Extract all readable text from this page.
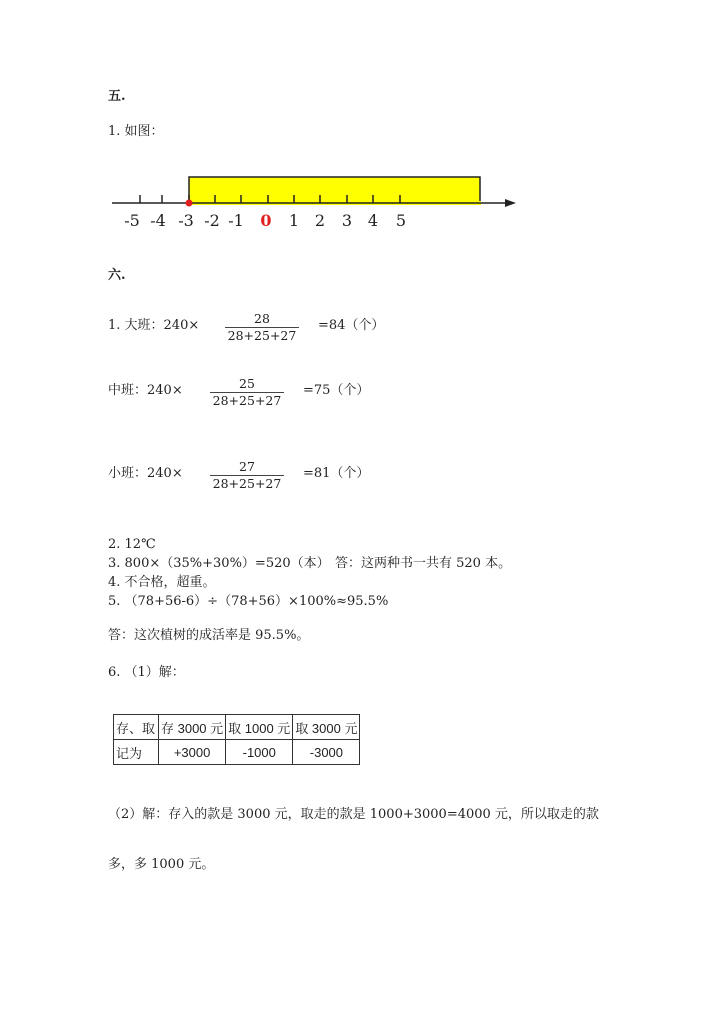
五.
1. 如图：
-5 -4 -3 -2 -1 0 1 2 3 4 5
六.
1. 大班：$240\times \frac{28}{28+25+27} =84$（个）
中班：$240\times \frac{25}{28+25+27} =75$（个）
小班：$240\times \frac{27}{28+25+27} =81$（个）
2. 12℃
3. 800×（35%+30%）=520（本） 答：这两种书一共有 520 本。
4. 不合格，超重。
5. （78+56-6）÷（78+56）×100%≈95.5%
答：这次植树的成活率是 95.5%。
6. （1）解：
存、取	存 3000 元	取 1000 元	取 3000 元
记为	+3000	-1000	-3000
（2）解：存入的款是 3000 元，取走的款是 1000+3000=4000 元，所以取走的款
多，多 1000 元。
